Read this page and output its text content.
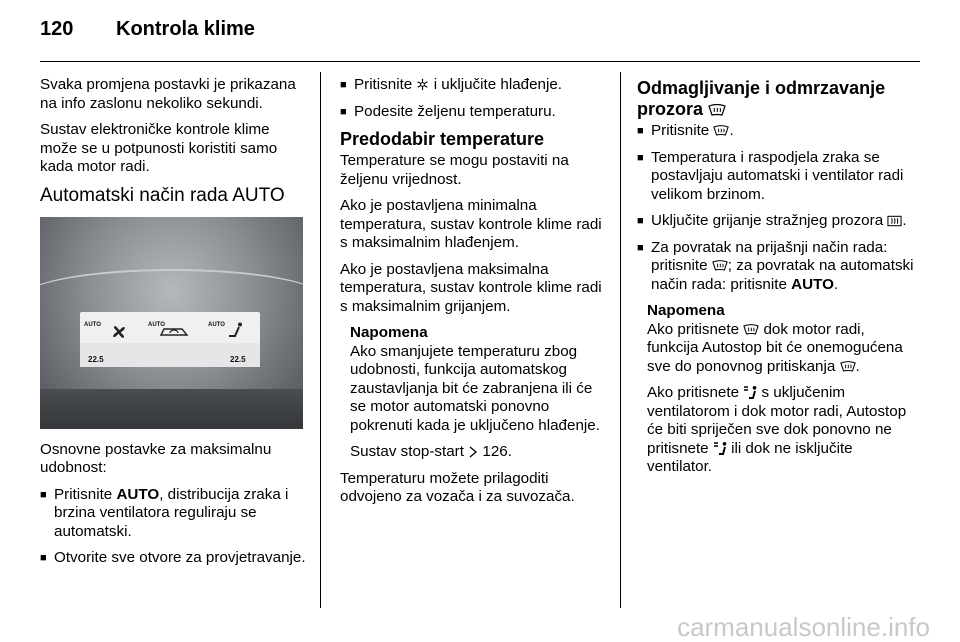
120 Kontrola klime

Svaka promjena postavki je prikazana na info zaslonu nekoliko sekundi.

Sustav elektroničke kontrole klime može se u potpunosti koristiti samo kada motor radi.

Automatski način rada AUTO
AUTO	AUTO	AUTO
22.5	22.5

Osnovne postavke za maksimalnu udobnost:

■ Pritisnite AUTO, distribucija zraka i brzina ventilatora reguliraju se automatski.
■ Otvorite sve otvore za provjetravanje.
■ Pritisnite  i uključite hlađenje.
■ Podesite željenu temperaturu.
Predodabir temperature

Temperature se mogu postaviti na željenu vrijednost.

Ako je postavljena minimalna temperatura, sustav kontrole klime radi s maksimalnim hlađenjem.

Ako je postavljena maksimalna temperatura, sustav kontrole klime radi s maksimalnim grijanjem.

Napomena

Ako smanjujete temperaturu zbog udobnosti, funkcija automatskog zaustavljanja bit će zabranjena ili će se motor automatski ponovno pokrenuti kada je uključeno hlađenje.

Sustav stop-start  126.

Temperaturu možete prilagoditi odvojeno za vozača i za suvozača.

Odmagljivanje i odmrzavanje prozora
■ Pritisnite .
■ Temperatura i raspodjela zraka se postavljaju automatski i ventilator radi velikom brzinom.
■ Uključite grijanje stražnjeg prozora .
■ Za povratak na prijašnji način rada: pritisnite ; za povratak na automatski način rada: pritisnite AUTO.
Napomena

Ako pritisnete  dok motor radi, funkcija Autostop bit će onemogućena sve do ponovnog pritiskanja .

Ako pritisnete  s uključenim ventilatorom i dok motor radi, Autostop će biti spriječen sve dok ponovno ne pritisnete  ili dok ne isključite ventilator.

carmanualsonline.info
